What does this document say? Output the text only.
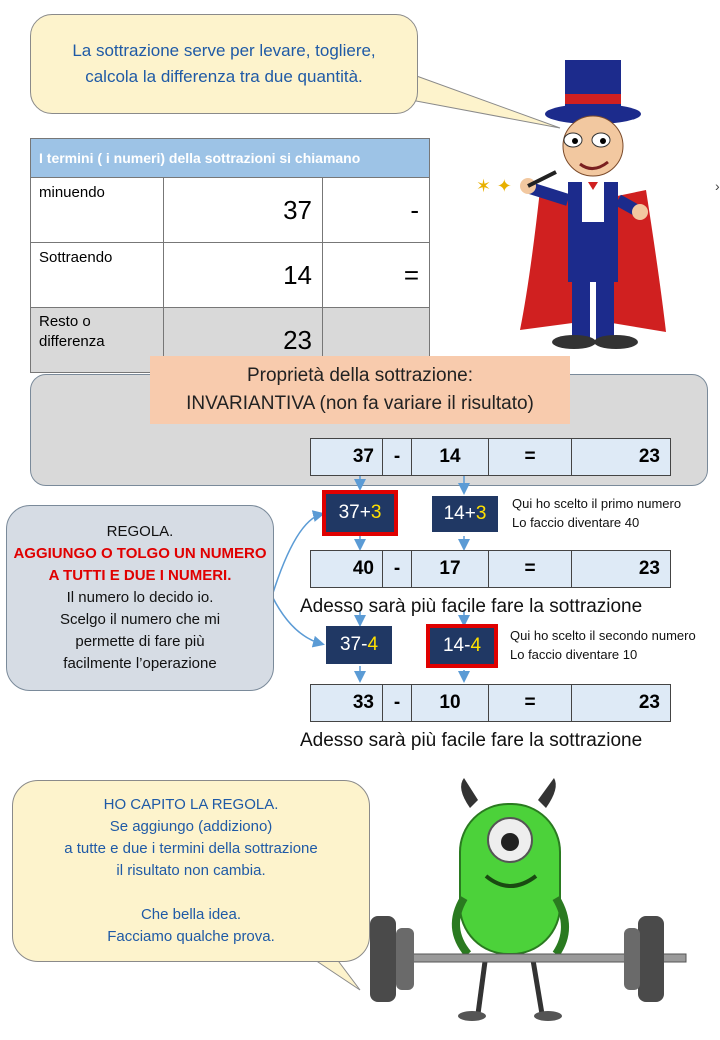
La sottrazione serve per levare, togliere,
calcola la differenza tra due quantità.
✶ ✦	›
I termini ( i numeri) della sottrazioni si chiamano		
minuendo	37	-
Sottraendo	14	=
Resto o differenza	23	
Proprietà della sottrazione:
INVARIANTIVA (non fa variare il risultato)
37	-	14	=	23
37+ 3	14+ 3 Qui ho scelto il primo numero
Lo faccio diventare 40
40	-	17	=	23
Adesso sarà più facile fare la sottrazione
37- 4	14- 4 Qui ho scelto il secondo numero
Lo faccio diventare 10
33	-	10	=	23
Adesso sarà più facile fare la sottrazione
REGOLA.
AGGIUNGO O TOLGO UN NUMERO
A TUTTI E DUE I NUMERI.
Il numero lo decido io.
Scelgo il numero che mi
permette di fare più
facilmente l’operazione
HO CAPITO LA REGOLA.
Se aggiungo (addiziono)
a tutte e due i termini della sottrazione
il risultato non cambia.
Che bella idea.
Facciamo qualche prova.
